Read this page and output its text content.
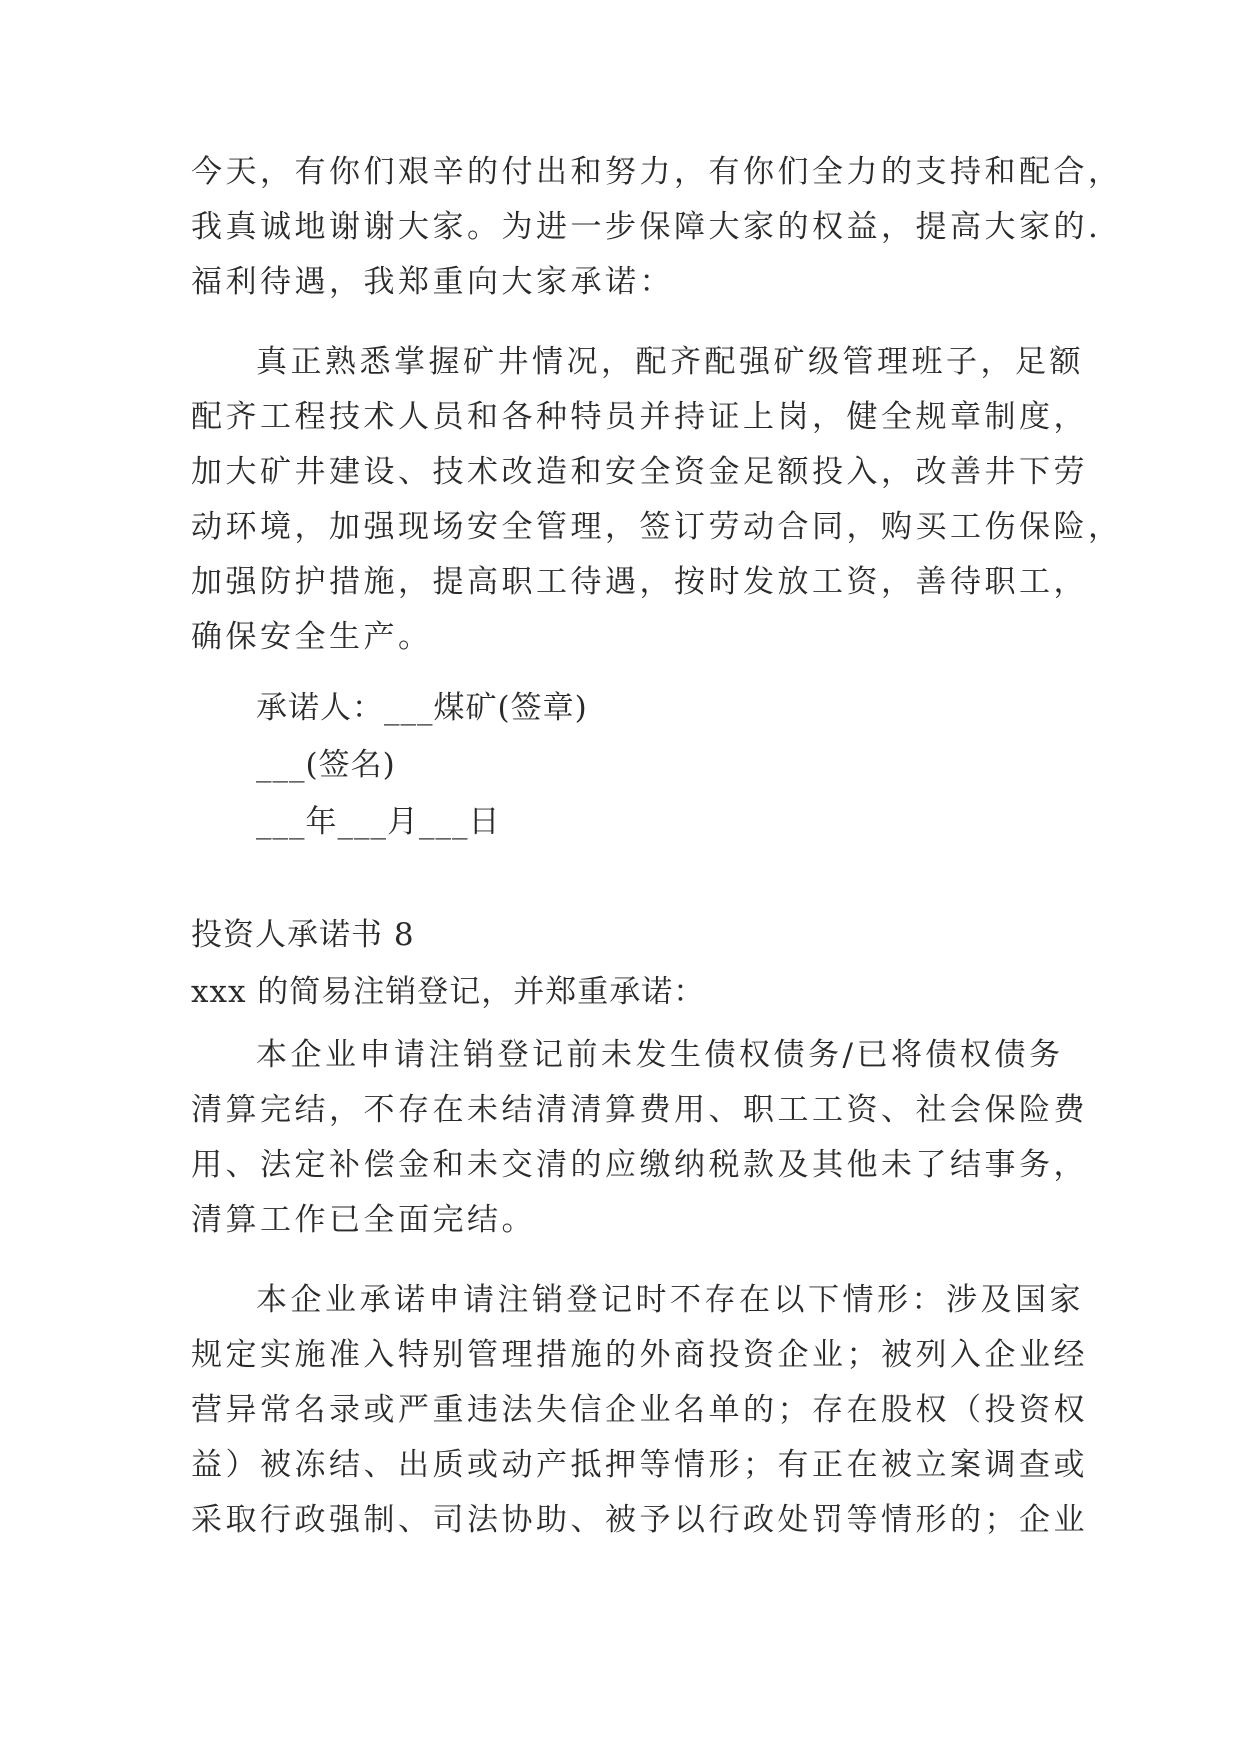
今天，有你们艰辛的付出和努力，有你们全力的支持和配合，
我真诚地谢谢大家。为进一步保障大家的权益，提高大家的.
福利待遇，我郑重向大家承诺：
真正熟悉掌握矿井情况，配齐配强矿级管理班子，足额
配齐工程技术人员和各种特员并持证上岗，健全规章制度，
加大矿井建设、技术改造和安全资金足额投入，改善井下劳
动环境，加强现场安全管理，签订劳动合同，购买工伤保险，
加强防护措施，提高职工待遇，按时发放工资，善待职工，
确保安全生产。
承诺人：___煤矿(签章)
___(签名)
___年___月___日
投资人承诺书 8
xxx 的简易注销登记，并郑重承诺：
本企业申请注销登记前未发生债权债务/已将债权债务
清算完结，不存在未结清清算费用、职工工资、社会保险费
用、法定补偿金和未交清的应缴纳税款及其他未了结事务，
清算工作已全面完结。
本企业承诺申请注销登记时不存在以下情形：涉及国家
规定实施准入特别管理措施的外商投资企业；被列入企业经
营异常名录或严重违法失信企业名单的；存在股权（投资权
益）被冻结、出质或动产抵押等情形；有正在被立案调查或
采取行政强制、司法协助、被予以行政处罚等情形的；企业
